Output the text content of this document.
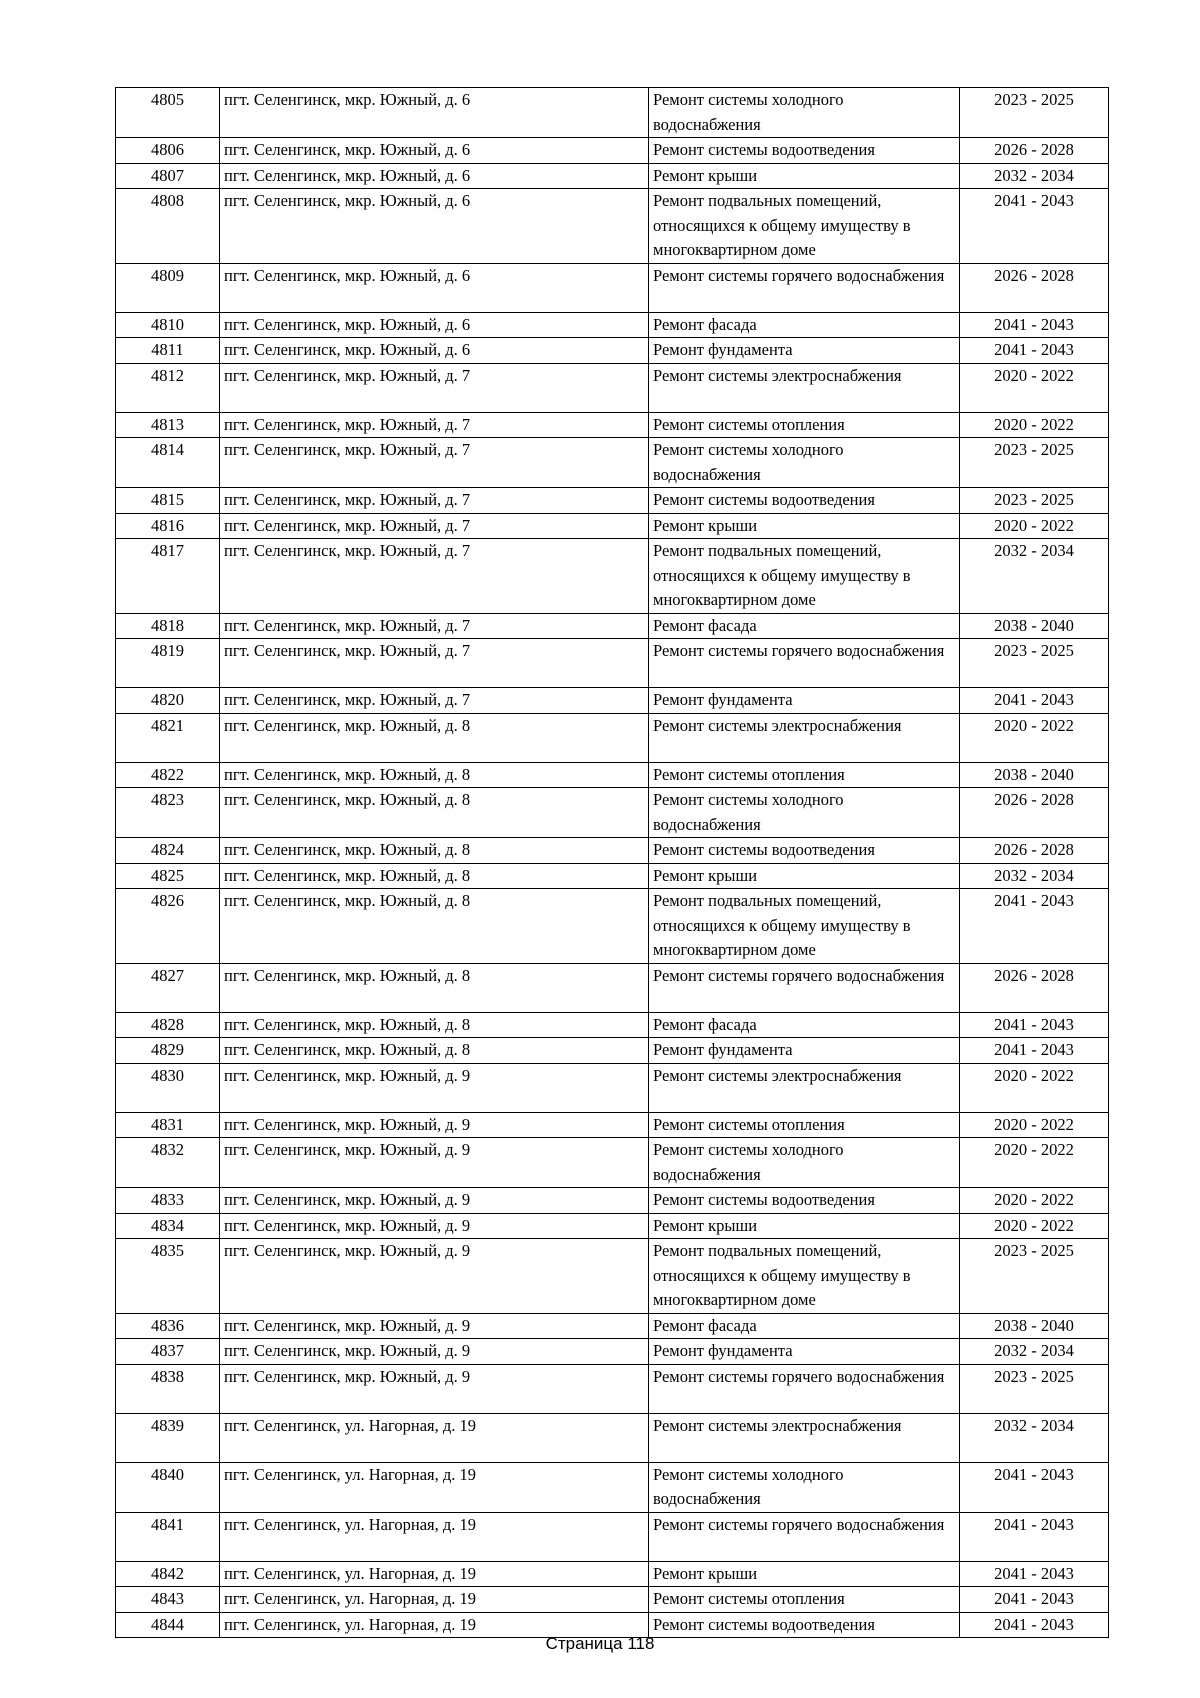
4805	пгт. Селенгинск, мкр. Южный, д. 6	Ремонт системы холодного водоснабжения	2023 - 2025
4806	пгт. Селенгинск, мкр. Южный, д. 6	Ремонт системы водоотведения	2026 - 2028
4807	пгт. Селенгинск, мкр. Южный, д. 6	Ремонт крыши	2032 - 2034
4808	пгт. Селенгинск, мкр. Южный, д. 6	Ремонт подвальных помещений, относящихся к общему имуществу в многоквартирном доме	2041 - 2043
4809	пгт. Селенгинск, мкр. Южный, д. 6	Ремонт системы горячего водоснабжения	2026 - 2028
4810	пгт. Селенгинск, мкр. Южный, д. 6	Ремонт фасада	2041 - 2043
4811	пгт. Селенгинск, мкр. Южный, д. 6	Ремонт фундамента	2041 - 2043
4812	пгт. Селенгинск, мкр. Южный, д. 7	Ремонт системы электроснабжения	2020 - 2022
4813	пгт. Селенгинск, мкр. Южный, д. 7	Ремонт системы отопления	2020 - 2022
4814	пгт. Селенгинск, мкр. Южный, д. 7	Ремонт системы холодного водоснабжения	2023 - 2025
4815	пгт. Селенгинск, мкр. Южный, д. 7	Ремонт системы водоотведения	2023 - 2025
4816	пгт. Селенгинск, мкр. Южный, д. 7	Ремонт крыши	2020 - 2022
4817	пгт. Селенгинск, мкр. Южный, д. 7	Ремонт подвальных помещений, относящихся к общему имуществу в многоквартирном доме	2032 - 2034
4818	пгт. Селенгинск, мкр. Южный, д. 7	Ремонт фасада	2038 - 2040
4819	пгт. Селенгинск, мкр. Южный, д. 7	Ремонт системы горячего водоснабжения	2023 - 2025
4820	пгт. Селенгинск, мкр. Южный, д. 7	Ремонт фундамента	2041 - 2043
4821	пгт. Селенгинск, мкр. Южный, д. 8	Ремонт системы электроснабжения	2020 - 2022
4822	пгт. Селенгинск, мкр. Южный, д. 8	Ремонт системы отопления	2038 - 2040
4823	пгт. Селенгинск, мкр. Южный, д. 8	Ремонт системы холодного водоснабжения	2026 - 2028
4824	пгт. Селенгинск, мкр. Южный, д. 8	Ремонт системы водоотведения	2026 - 2028
4825	пгт. Селенгинск, мкр. Южный, д. 8	Ремонт крыши	2032 - 2034
4826	пгт. Селенгинск, мкр. Южный, д. 8	Ремонт подвальных помещений, относящихся к общему имуществу в многоквартирном доме	2041 - 2043
4827	пгт. Селенгинск, мкр. Южный, д. 8	Ремонт системы горячего водоснабжения	2026 - 2028
4828	пгт. Селенгинск, мкр. Южный, д. 8	Ремонт фасада	2041 - 2043
4829	пгт. Селенгинск, мкр. Южный, д. 8	Ремонт фундамента	2041 - 2043
4830	пгт. Селенгинск, мкр. Южный, д. 9	Ремонт системы электроснабжения	2020 - 2022
4831	пгт. Селенгинск, мкр. Южный, д. 9	Ремонт системы отопления	2020 - 2022
4832	пгт. Селенгинск, мкр. Южный, д. 9	Ремонт системы холодного водоснабжения	2020 - 2022
4833	пгт. Селенгинск, мкр. Южный, д. 9	Ремонт системы водоотведения	2020 - 2022
4834	пгт. Селенгинск, мкр. Южный, д. 9	Ремонт крыши	2020 - 2022
4835	пгт. Селенгинск, мкр. Южный, д. 9	Ремонт подвальных помещений, относящихся к общему имуществу в многоквартирном доме	2023 - 2025
4836	пгт. Селенгинск, мкр. Южный, д. 9	Ремонт фасада	2038 - 2040
4837	пгт. Селенгинск, мкр. Южный, д. 9	Ремонт фундамента	2032 - 2034
4838	пгт. Селенгинск, мкр. Южный, д. 9	Ремонт системы горячего водоснабжения	2023 - 2025
4839	пгт. Селенгинск, ул. Нагорная, д. 19	Ремонт системы электроснабжения	2032 - 2034
4840	пгт. Селенгинск, ул. Нагорная, д. 19	Ремонт системы холодного водоснабжения	2041 - 2043
4841	пгт. Селенгинск, ул. Нагорная, д. 19	Ремонт системы горячего водоснабжения	2041 - 2043
4842	пгт. Селенгинск, ул. Нагорная, д. 19	Ремонт крыши	2041 - 2043
4843	пгт. Селенгинск, ул. Нагорная, д. 19	Ремонт системы отопления	2041 - 2043
4844	пгт. Селенгинск, ул. Нагорная, д. 19	Ремонт системы водоотведения	2041 - 2043
Страница 118
